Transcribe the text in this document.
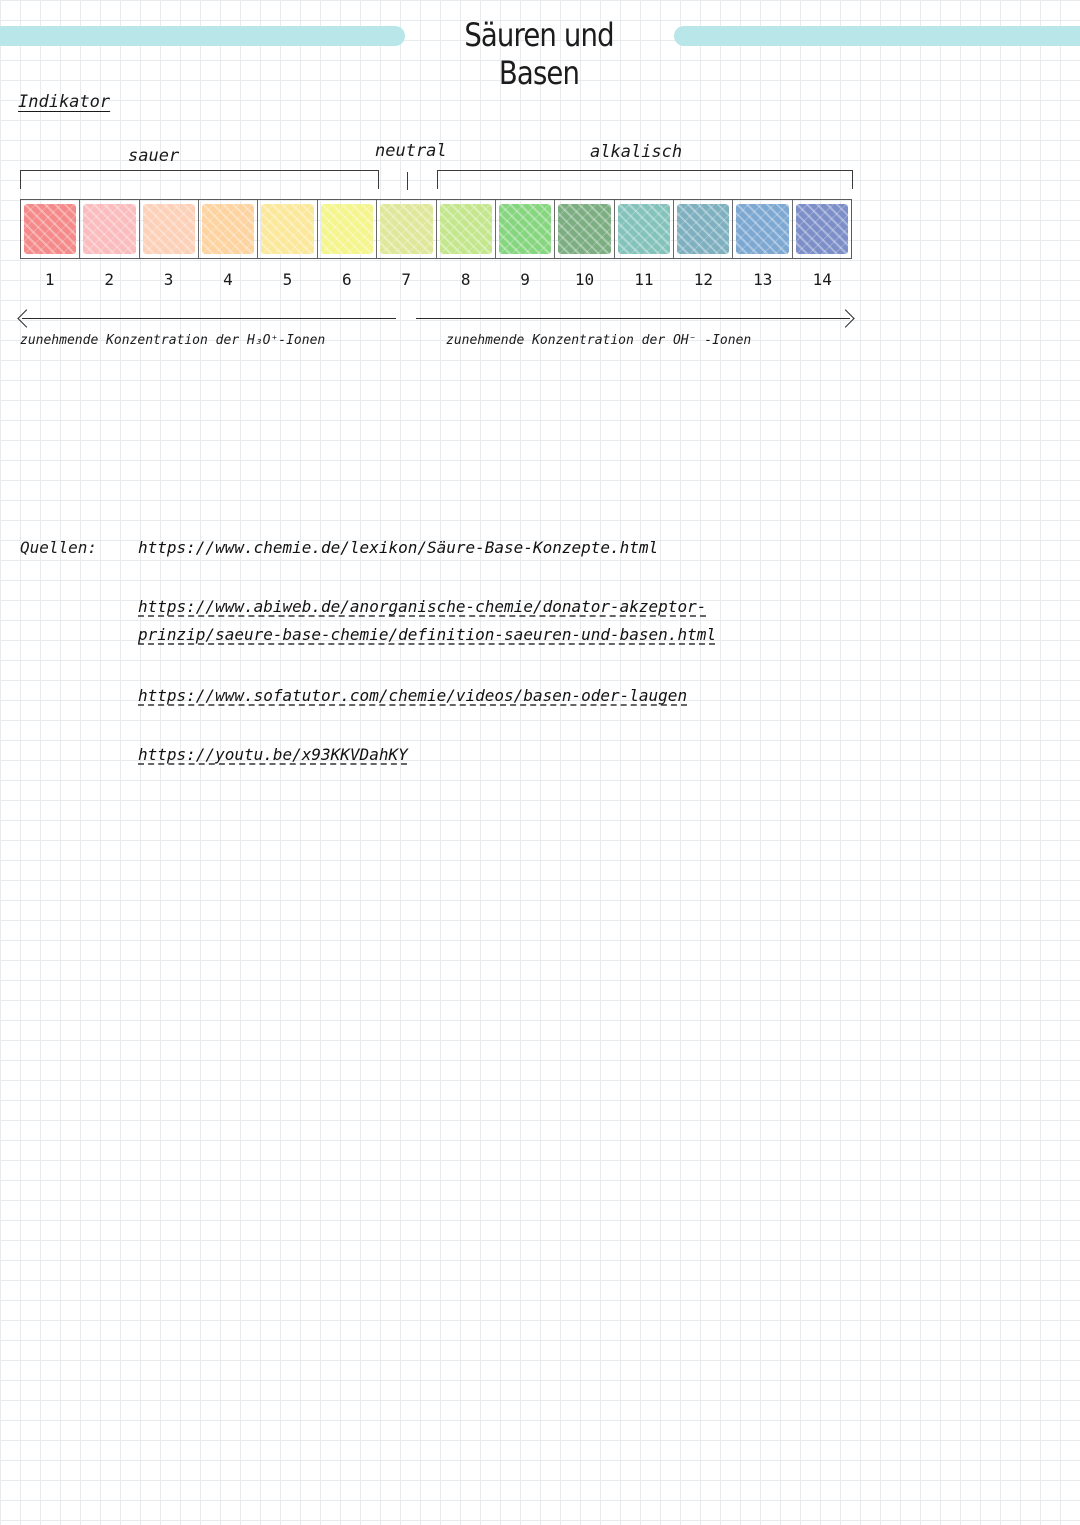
Säuren und Basen
Indikator
sauer	neutral	alkalisch
1	2	3	4	5	6	7	8	9	10	11	12	13	14
zunehmende Konzentration der H₃O⁺-Ionen	zunehmende Konzentration der OH⁻ -Ionen
Quellen:	https://www.chemie.de/lexikon/Säure-Base-Konzepte.html
https://www.abiweb.de/anorganische-chemie/donator-akzeptor-
prinzip/saeure-base-chemie/definition-saeuren-und-basen.html
https://www.sofatutor.com/chemie/videos/basen-oder-laugen
https://youtu.be/x93KKVDahKY
